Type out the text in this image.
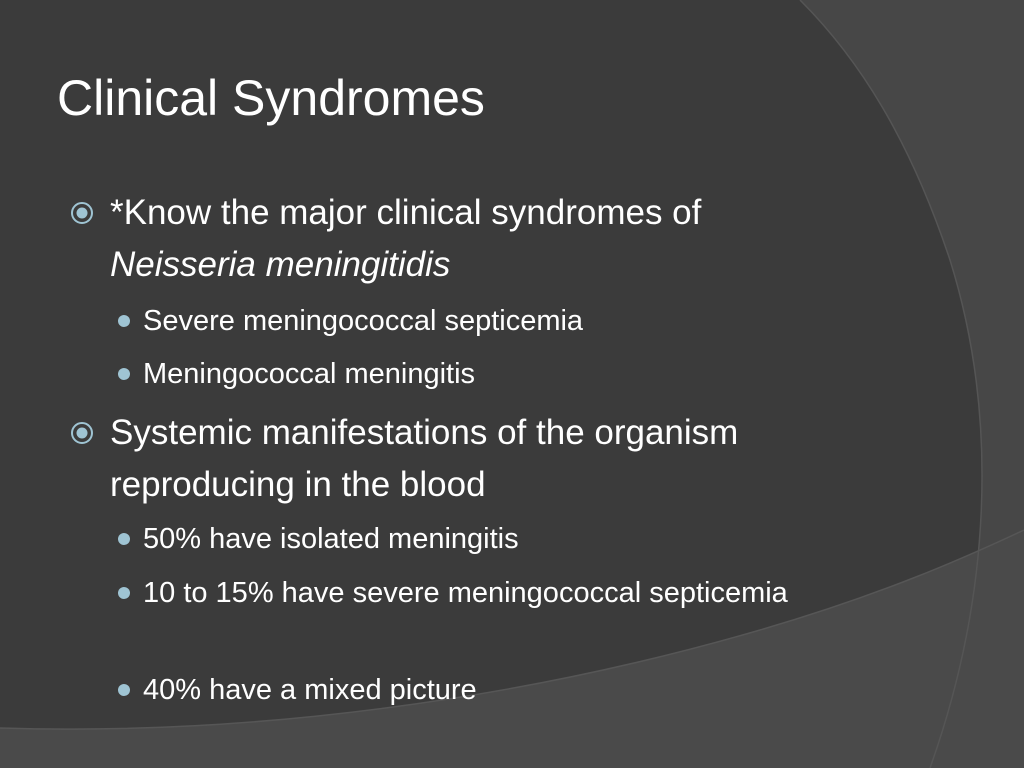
Clinical Syndromes

*Know the major clinical syndromes of
Neisseria meningitidis

Severe meningococcal septicemia

Meningococcal meningitis

Systemic manifestations of the organism reproducing in the blood

50% have isolated meningitis

10 to 15% have severe meningococcal septicemia

40% have a mixed picture
